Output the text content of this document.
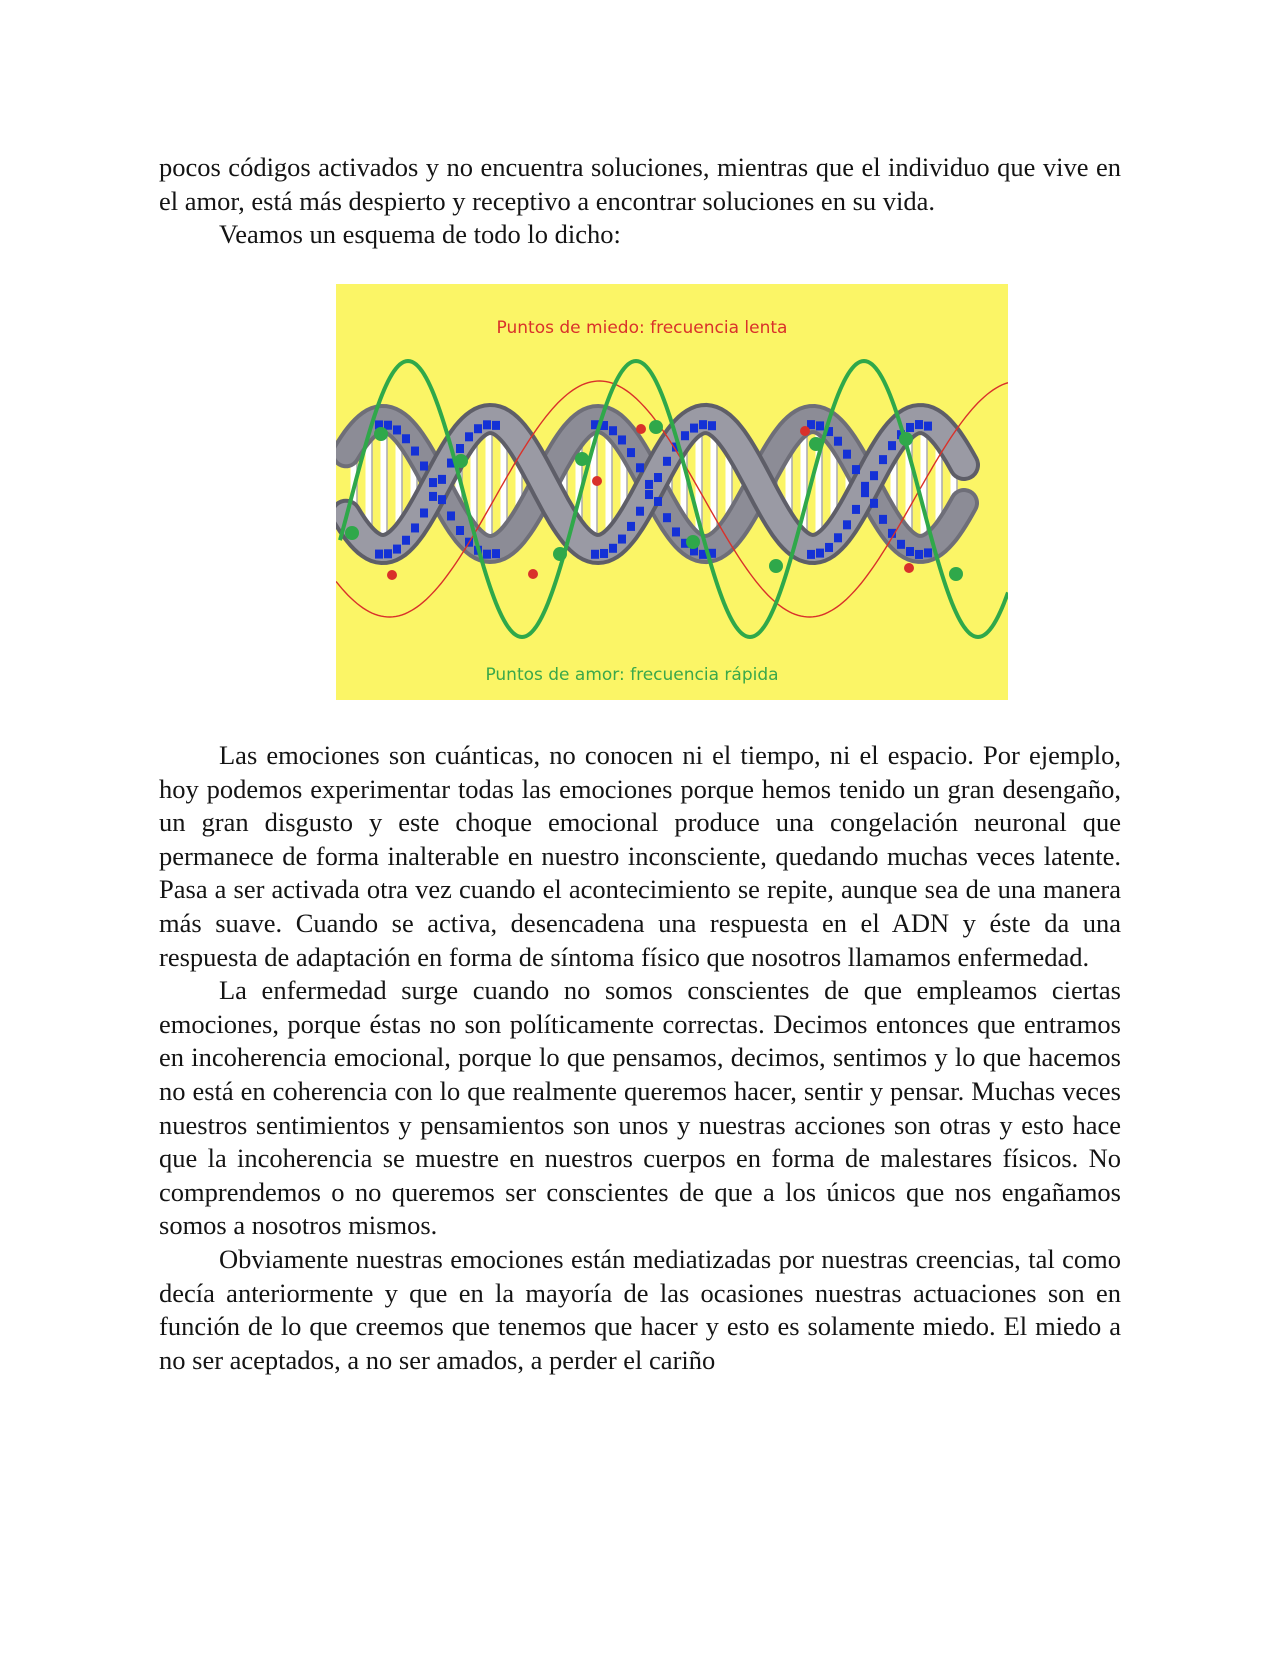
pocos códigos activados y no encuentra soluciones, mientras que el individuo que vive en el amor, está más despierto y receptivo a encontrar soluciones en su vida.

Veamos un esquema de todo lo dicho:

Puntos de miedo: frecuencia lenta
Puntos de amor: frecuencia rápida

Las emociones son cuánticas, no conocen ni el tiempo, ni el espacio. Por ejemplo, hoy podemos experimentar todas las emociones porque hemos tenido un gran desengaño, un gran disgusto y este choque emocional produce una congelación neuronal que permanece de forma inalterable en nuestro inconsciente, quedando muchas veces latente. Pasa a ser activada otra vez cuando el acontecimiento se repite, aunque sea de una manera más suave. Cuando se activa, desencadena una respuesta en el ADN y éste da una respuesta de adaptación en forma de síntoma físico que nosotros llamamos enfermedad.

La enfermedad surge cuando no somos conscientes de que empleamos ciertas emociones, porque éstas no son políticamente correctas. Decimos entonces que entramos en incoherencia emocional, porque lo que pensamos, decimos, sentimos y lo que hacemos no está en coherencia con lo que realmente queremos hacer, sentir y pensar. Muchas veces nuestros sentimientos y pensamientos son unos y nuestras acciones son otras y esto hace que la incoherencia se muestre en nuestros cuerpos en forma de malestares físicos. No comprendemos o no queremos ser conscientes de que a los únicos que nos engañamos somos a nosotros mismos.

Obviamente nuestras emociones están mediatizadas por nuestras creencias, tal como decía anteriormente y que en la mayoría de las ocasiones nuestras actuaciones son en función de lo que creemos que tenemos que hacer y esto es solamente miedo. El miedo a no ser aceptados, a no ser amados, a perder el cariño
